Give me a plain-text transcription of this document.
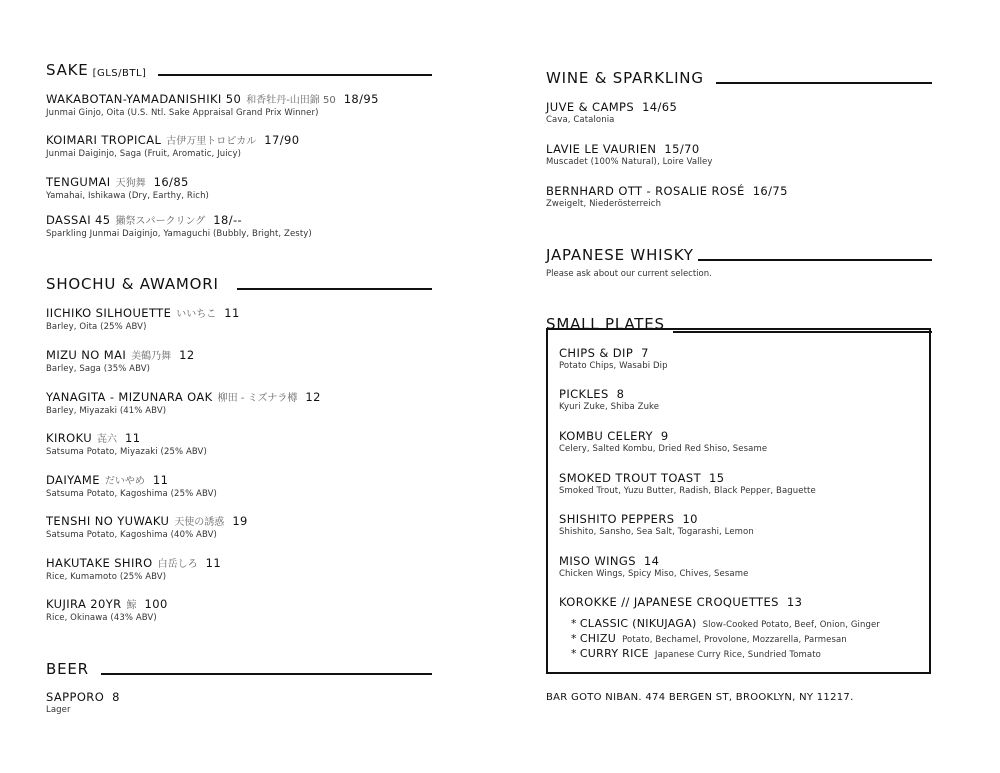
SAKE [GLS/BTL]
WAKABOTAN-YAMADANISHIKI 50 和香牡丹-山田錦 50 18/95
Junmai Ginjo, Oita (U.S. Ntl. Sake Appraisal Grand Prix Winner)
KOIMARI TROPICAL 古伊万里トロピカル 17/90
Junmai Daiginjo, Saga (Fruit, Aromatic, Juicy)
TENGUMAI 天狗舞 16/85
Yamahai, Ishikawa (Dry, Earthy, Rich)
DASSAI 45 獺祭スパークリング 18/--
Sparkling Junmai Daiginjo, Yamaguchi (Bubbly, Bright, Zesty)
SHOCHU & AWAMORI
IICHIKO SILHOUETTE いいちこ 11
Barley, Oita (25% ABV)
MIZU NO MAI 美鶴乃舞 12
Barley, Saga (35% ABV)
YANAGITA - MIZUNARA OAK 柳田 - ミズナラ樽 12
Barley, Miyazaki (41% ABV)
KIROKU 㐂六 11
Satsuma Potato, Miyazaki (25% ABV)
DAIYAME だいやめ 11
Satsuma Potato, Kagoshima (25% ABV)
TENSHI NO YUWAKU 天使の誘惑 19
Satsuma Potato, Kagoshima (40% ABV)
HAKUTAKE SHIRO 白岳しろ 11
Rice, Kumamoto (25% ABV)
KUJIRA 20YR 鯨 100
Rice, Okinawa (43% ABV)
BEER
SAPPORO 8
Lager
WINE & SPARKLING
JUVE & CAMPS 14/65
Cava, Catalonia
LAVIE LE VAURIEN 15/70
Muscadet (100% Natural), Loire Valley
BERNHARD OTT - ROSALIE ROSÉ 16/75
Zweigelt, Niederösterreich
JAPANESE WHISKY
Please ask about our current selection.
SMALL PLATES
CHIPS & DIP 7
Potato Chips, Wasabi Dip
PICKLES 8
Kyuri Zuke, Shiba Zuke
KOMBU CELERY 9
Celery, Salted Kombu, Dried Red Shiso, Sesame
SMOKED TROUT TOAST 15
Smoked Trout, Yuzu Butter, Radish, Black Pepper, Baguette
SHISHITO PEPPERS 10
Shishito, Sansho, Sea Salt, Togarashi, Lemon
MISO WINGS 14
Chicken Wings, Spicy Miso, Chives, Sesame
KOROKKE // JAPANESE CROQUETTES 13
* CLASSIC (NIKUJAGA) Slow-Cooked Potato, Beef, Onion, Ginger
* CHIZU Potato, Bechamel, Provolone, Mozzarella, Parmesan
* CURRY RICE Japanese Curry Rice, Sundried Tomato
BAR GOTO NIBAN. 474 BERGEN ST, BROOKLYN, NY 11217.
